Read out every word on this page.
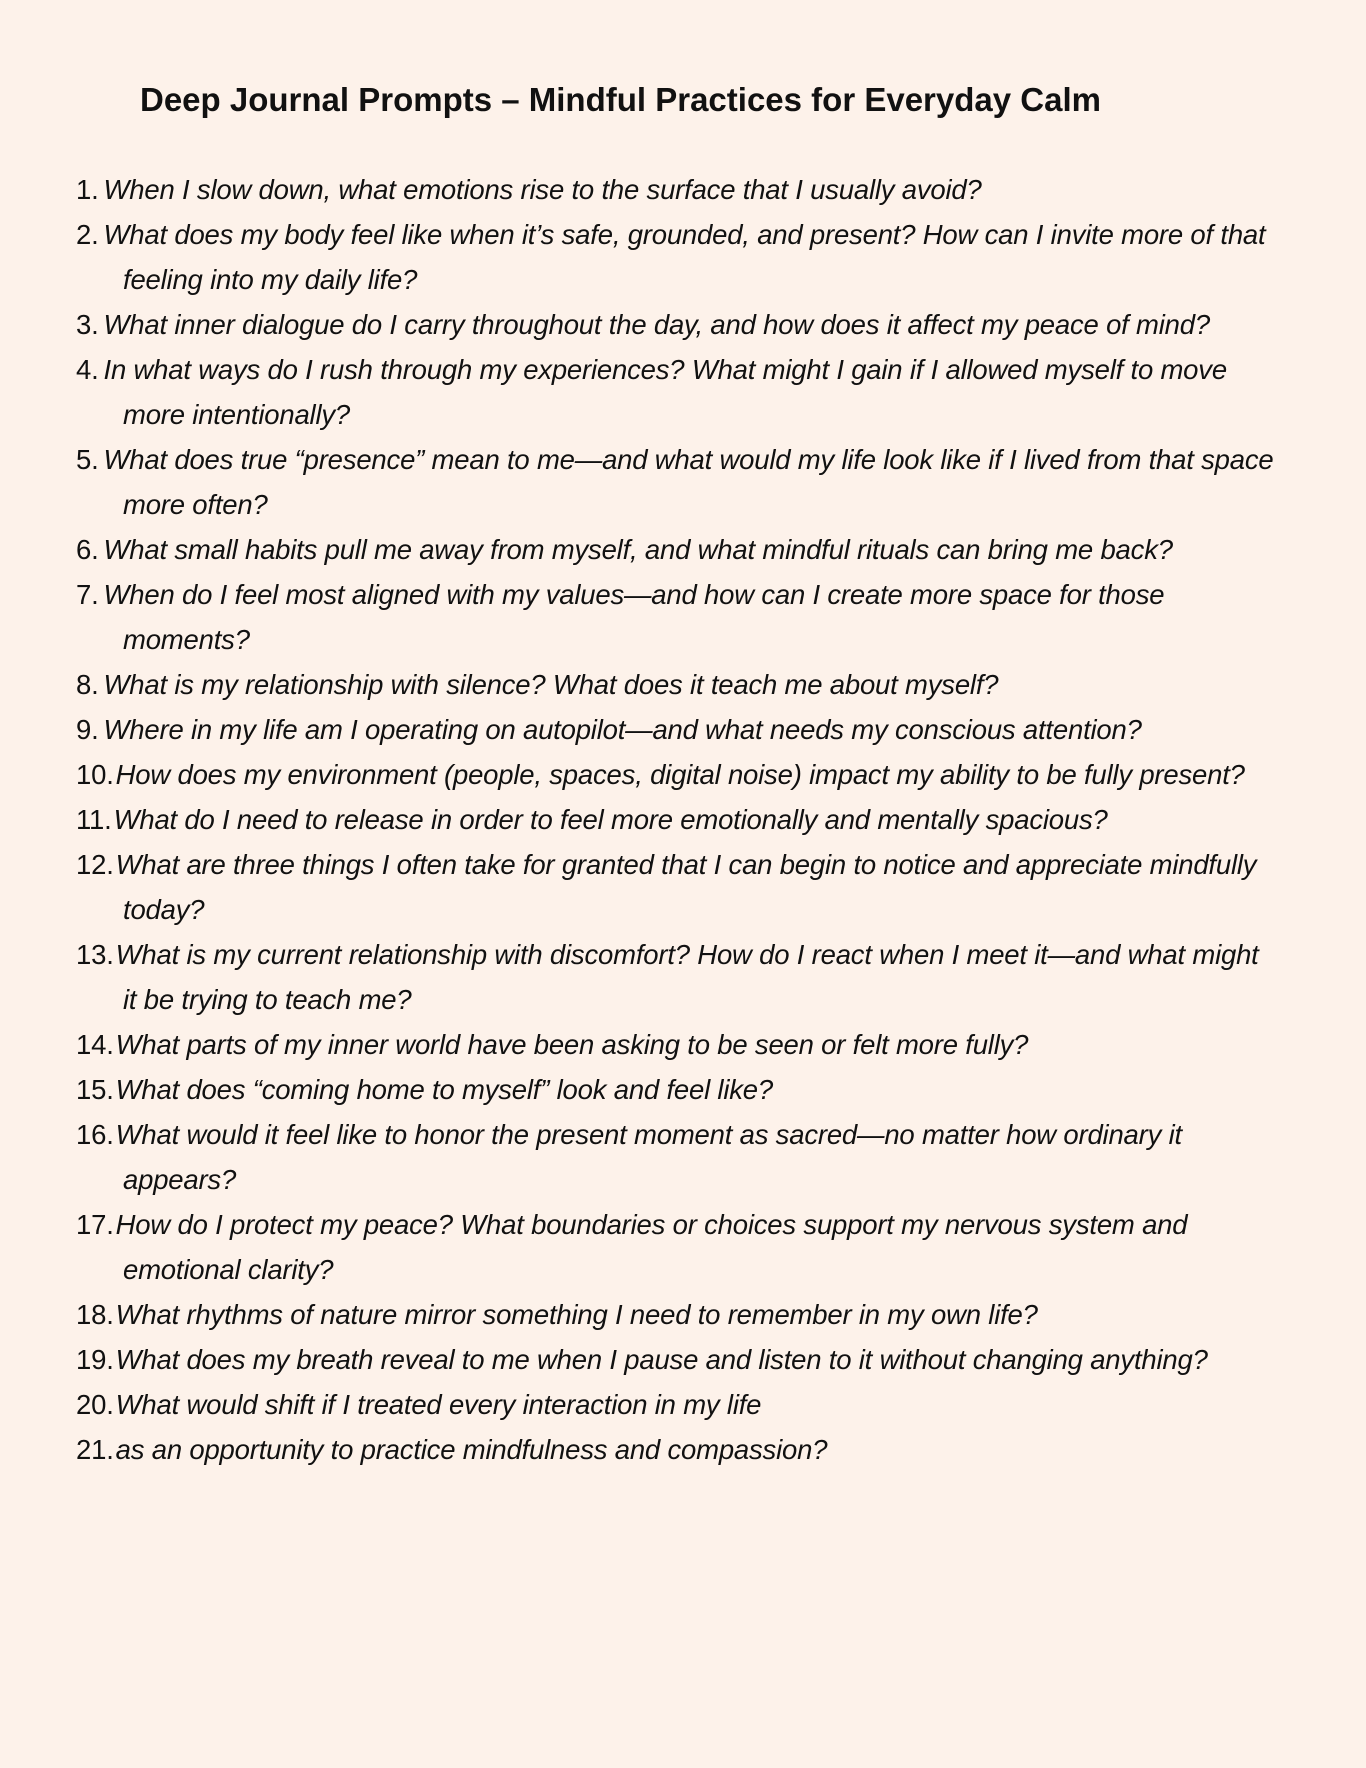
Deep Journal Prompts – Mindful Practices for Everyday Calm
1. When I slow down, what emotions rise to the surface that I usually avoid?
2. What does my body feel like when it’s safe, grounded, and present? How can I invite more of that feeling into my daily life?
3. What inner dialogue do I carry throughout the day, and how does it affect my peace of mind?
4. In what ways do I rush through my experiences? What might I gain if I allowed myself to move more intentionally?
5. What does true “presence” mean to me—and what would my life look like if I lived from that space more often?
6. What small habits pull me away from myself, and what mindful rituals can bring me back?
7. When do I feel most aligned with my values—and how can I create more space for those moments?
8. What is my relationship with silence? What does it teach me about myself?
9. Where in my life am I operating on autopilot—and what needs my conscious attention?
10.How does my environment (people, spaces, digital noise) impact my ability to be fully present?
11.What do I need to release in order to feel more emotionally and mentally spacious?
12.What are three things I often take for granted that I can begin to notice and appreciate mindfully today?
13.What is my current relationship with discomfort? How do I react when I meet it—and what might it be trying to teach me?
14.What parts of my inner world have been asking to be seen or felt more fully?
15.What does “coming home to myself” look and feel like?
16.What would it feel like to honor the present moment as sacred—no matter how ordinary it appears?
17.How do I protect my peace? What boundaries or choices support my nervous system and emotional clarity?
18.What rhythms of nature mirror something I need to remember in my own life?
19.What does my breath reveal to me when I pause and listen to it without changing anything?
20.What would shift if I treated every interaction in my life
21.as an opportunity to practice mindfulness and compassion?
